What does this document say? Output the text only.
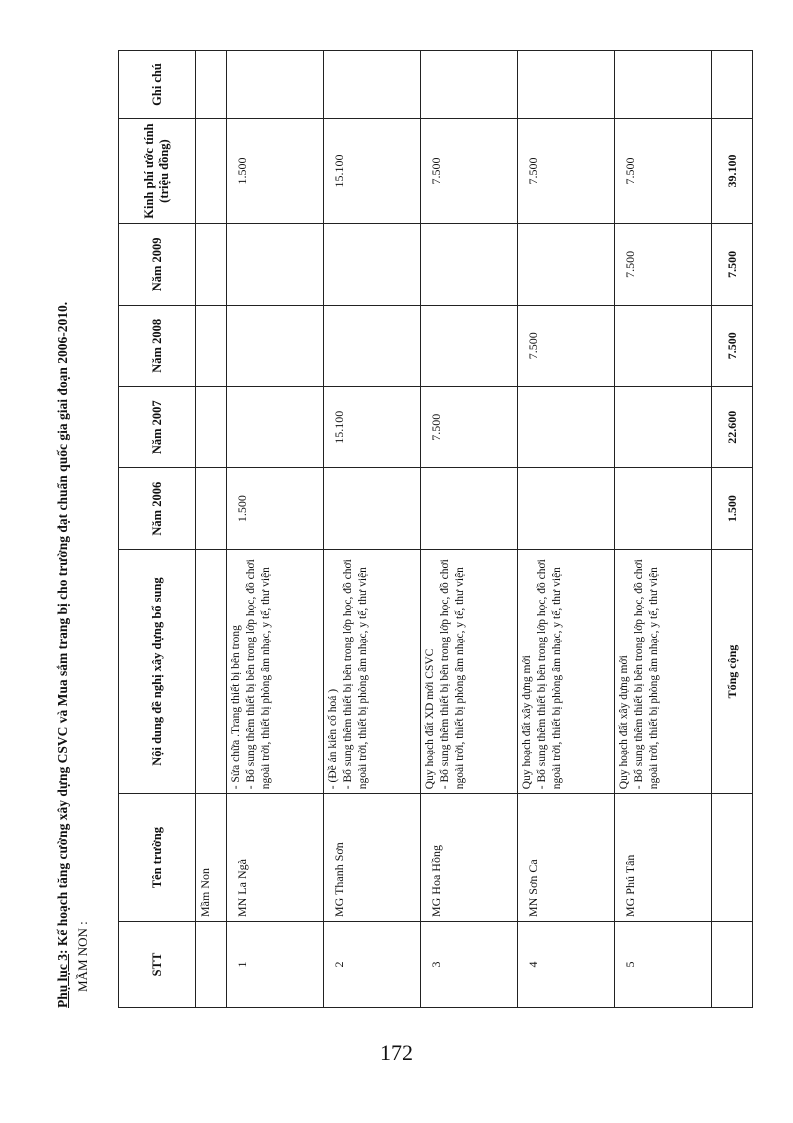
Phụ lục 3: Kế hoạch tăng cường xây dựng CSVC và Mua sắm trang bị cho trường đạt chuẩn quốc gia giai đoạn 2006-2010.
MẦM NON :	STT	Tên trường	Nội dung đề nghị xây dựng bổ sung	Năm 2006	Năm 2007	Năm 2008	Năm 2009	Kinh phí ước tính (triệu đồng)	Ghi chú
	Mầm Non							
1	MN La Ngà	- Sửa chữa .Trang thiết bị bên trong - Bổ sung thêm thiết bị bên trong lớp học, đồ chơi ngoài trời, thiết bị phòng âm nhạc, y tế, thư viện	1.500				1.500	
2	MG Thanh Sơn	- (Đề án kiên cố hoá ) - Bổ sung thêm thiết bị bên trong lớp học, đồ chơi ngoài trời, thiết bị phòng âm nhạc, y tế, thư viện		15.100			15.100	
3	MG Hoa Hồng	Quy hoạch đất XD mới CSVC - Bổ sung thêm thiết bị bên trong lớp học, đồ chơi ngoài trời, thiết bị phòng âm nhạc, y tế, thư viện		7.500			7.500	
4	MN Sơn Ca	Quy hoạch đất xây dựng mới - Bổ sung thêm thiết bị bên trong lớp học, đồ chơi ngoài trời, thiết bị phòng âm nhạc, y tế, thư viện			7.500		7.500	
5	MG Phú Tân	Quy hoạch đất xây dựng mới - Bổ sung thêm thiết bị bên trong lớp học, đồ chơi ngoài trời, thiết bị phòng âm nhạc, y tế, thư viện				7.500	7.500	
		Tổng cộng	1.500	22.600	7.500	7.500	39.100	
172
